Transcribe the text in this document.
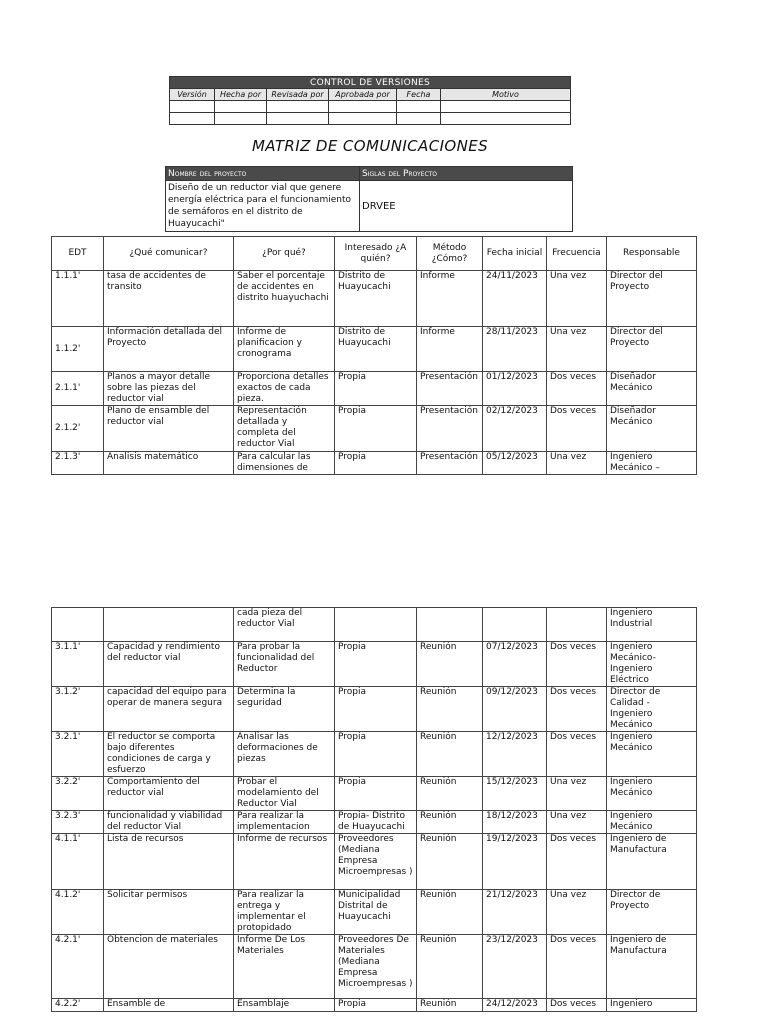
CONTROL DE VERSIONES					
Versión	Hecha por	Revisada por	Aprobada por	Fecha	Motivo

MATRIZ DE COMUNICACIONES
Nombre del proyecto	Siglas del Proyecto
Diseño de un reductor vial que genere energía eléctrica para el funcionamiento de semáforos en el distrito de Huayucachi"	DRVEE
EDT	¿Qué comunicar?	¿Por qué?	Interesado ¿A quién?	Método ¿Cómo?	Fecha inicial	Frecuencia	Responsable
1.1.1'	tasa de accidentes de transito	Saber el porcentaje de accidentes en distrito huayuchachi	Distrito de Huayucachi	Informe	24/11/2023	Una vez	Director del Proyecto
1.1.2'	Información detallada del Proyecto	Informe de planificacion y cronograma	Distrito de Huayucachi	Informe	28/11/2023	Una vez	Director del Proyecto
2.1.1'	Planos a mayor detalle sobre las piezas del reductor vial	Proporciona detalles exactos de cada pieza.	Propia	Presentación	01/12/2023	Dos veces	Diseñador Mecánico
2.1.2'	Plano de ensamble del reductor vial	Representación detallada y completa del reductor Vial	Propia	Presentación	02/12/2023	Dos veces	Diseñador Mecánico
2.1.3'	Analisis matemático	Para calcular las dimensiones de	Propia	Presentación	05/12/2023	Una vez	Ingeniero Mecánico –
		cada pieza del reductor Vial					Ingeniero Industrial
3.1.1'	Capacidad y rendimiento del reductor vial	Para probar la funcionalidad del Reductor	Propia	Reunión	07/12/2023	Dos veces	Ingeniero Mecánico-Ingeniero Eléctrico
3.1.2'	capacidad del equipo para operar de manera segura	Determina la seguridad	Propia	Reunión	09/12/2023	Dos veces	Director de Calidad - Ingeniero Mecánico
3.2.1'	El reductor se comporta bajo diferentes condiciones de carga y esfuerzo	Analisar las deformaciones de piezas	Propia	Reunión	12/12/2023	Dos veces	Ingeniero Mecánico
3.2.2'	Comportamiento del reductor vial	Probar el modelamiento del Reductor Vial	Propia	Reunión	15/12/2023	Una vez	Ingeniero Mecánico
3.2.3'	funcionalidad y viabilidad del reductor Vial	Para realizar la implementacion	Propia- Distrito de Huayucachi	Reunión	18/12/2023	Una vez	Ingeniero Mecánico
4.1.1'	Lista de recursos	Informe de recursos	Proveedores (Mediana Empresa Microempresas )	Reunión	19/12/2023	Dos veces	Ingeniero de Manufactura
4.1.2'	Solicitar permisos	Para realizar la entrega y implementar el protopidado	Municipalidad Distrital de Huayucachi	Reunión	21/12/2023	Una vez	Director de Proyecto
4.2.1'	Obtencion de materiales	Informe De Los Materiales	Proveedores De Materiales (Mediana Empresa Microempresas )	Reunión	23/12/2023	Dos veces	Ingeniero de Manufactura
4.2.2'	Ensamble de	Ensamblaje	Propia	Reunión	24/12/2023	Dos veces	Ingeniero
